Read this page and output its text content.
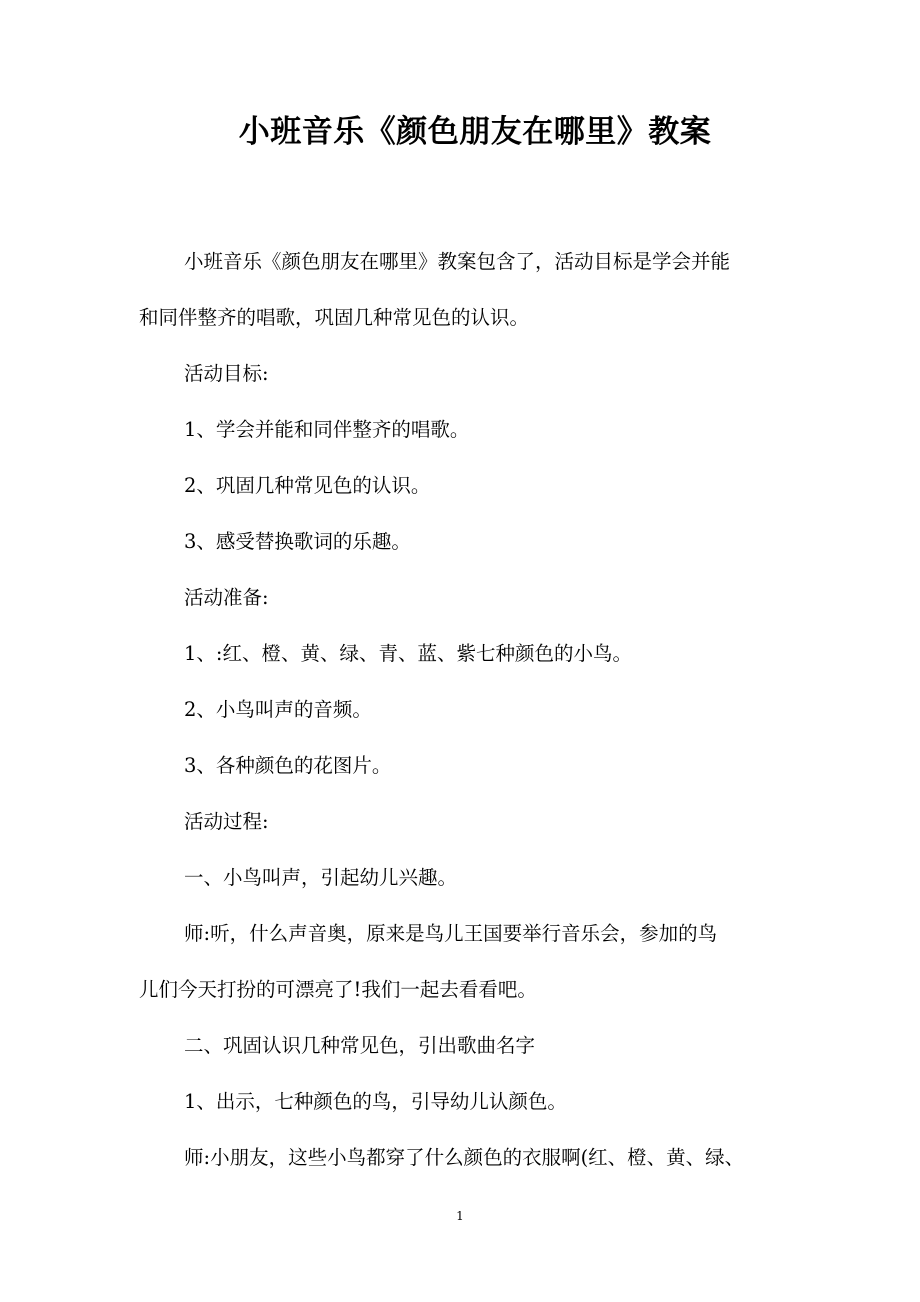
小班音乐《颜色朋友在哪里》教案

小班音乐《颜色朋友在哪里》教案包含了，活动目标是学会并能

和同伴整齐的唱歌，巩固几种常见色的认识。

活动目标:

1、学会并能和同伴整齐的唱歌。

2、巩固几种常见色的认识。

3、感受替换歌词的乐趣。

活动准备:

1、:红、橙、黄、绿、青、蓝、紫七种颜色的小鸟。

2、小鸟叫声的音频。

3、各种颜色的花图片。

活动过程:

一、小鸟叫声，引起幼儿兴趣。

师:听，什么声音奥，原来是鸟儿王国要举行音乐会，参加的鸟

儿们今天打扮的可漂亮了!我们一起去看看吧。

二、巩固认识几种常见色，引出歌曲名字

1、出示，七种颜色的鸟，引导幼儿认颜色。

师:小朋友，这些小鸟都穿了什么颜色的衣服啊(红、橙、黄、绿、

1
